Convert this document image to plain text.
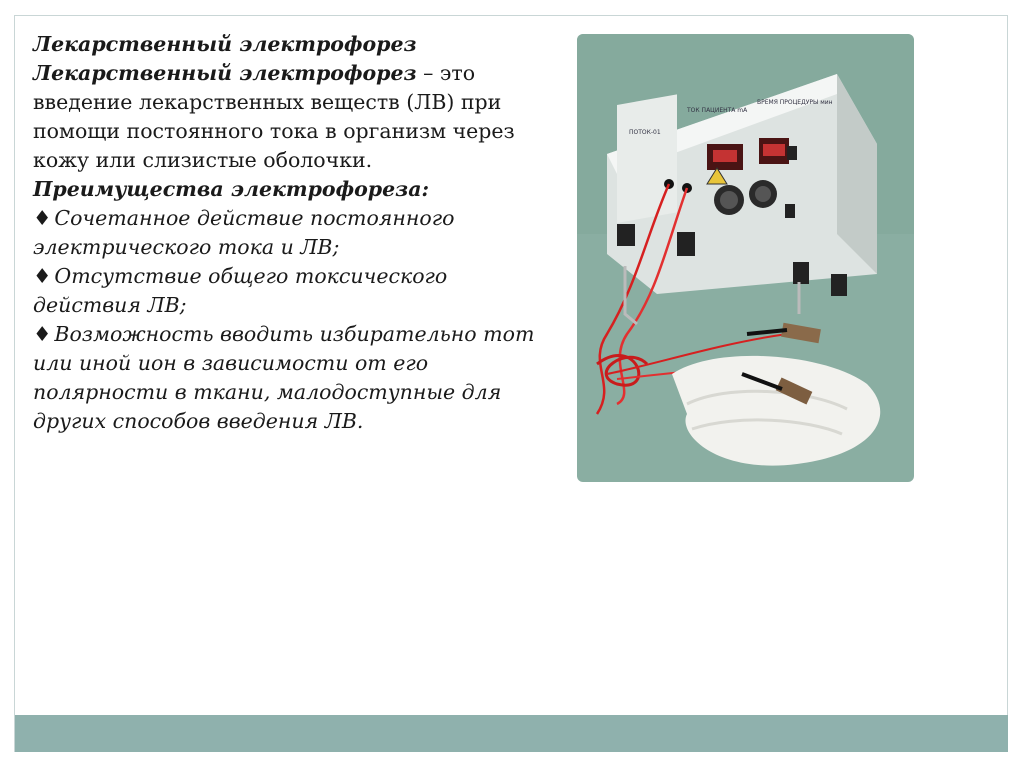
Лекарственный электрофорез

Лекарственный электрофорез – это введение лекарственных веществ (ЛВ) при помощи постоянного тока в организм через кожу или слизистые оболочки.

Преимущества электрофореза:

♦ Сочетанное действие постоянного электрического тока и ЛВ;

♦ Отсутствие общего токсического действия ЛВ;

♦ Возможность вводить избирательно тот или иной ион в зависимости от его полярности в ткани, малодоступные для других способов введения ЛВ.

ТОК ПАЦИЕНТА mA
ВРЕМЯ ПРОЦЕДУРЫ мин
ПОТОК-01
